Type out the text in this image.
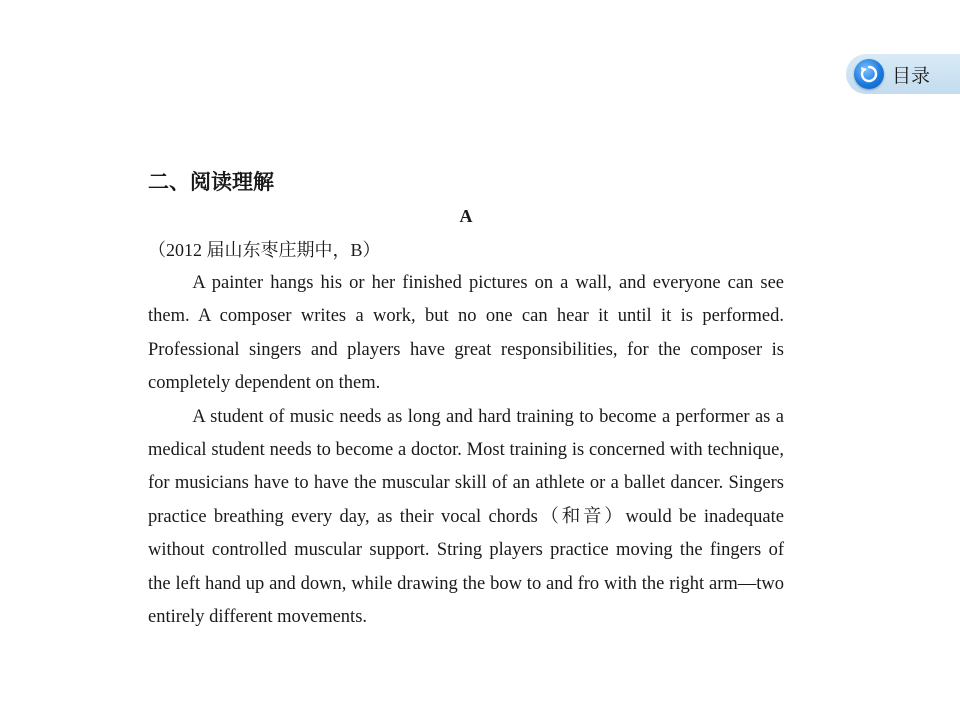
目录

二、阅读理解

A

（2012 届山东枣庄期中，B）

A painter hangs his or her finished pictures on a wall, and everyone can see them. A composer writes a work, but no one can hear it until it is performed. Professional singers and players have great responsibilities, for the composer is completely dependent on them.

A student of music needs as long and hard training to become a performer as a medical student needs to become a doctor. Most training is concerned with technique, for musicians have to have the muscular skill of an athlete or a ballet dancer. Singers practice breathing every day, as their vocal chords（和音）would be inadequate without controlled muscular support. String players practice moving the fingers of the left hand up and down, while drawing the bow to and fro with the right arm—two entirely different movements.
